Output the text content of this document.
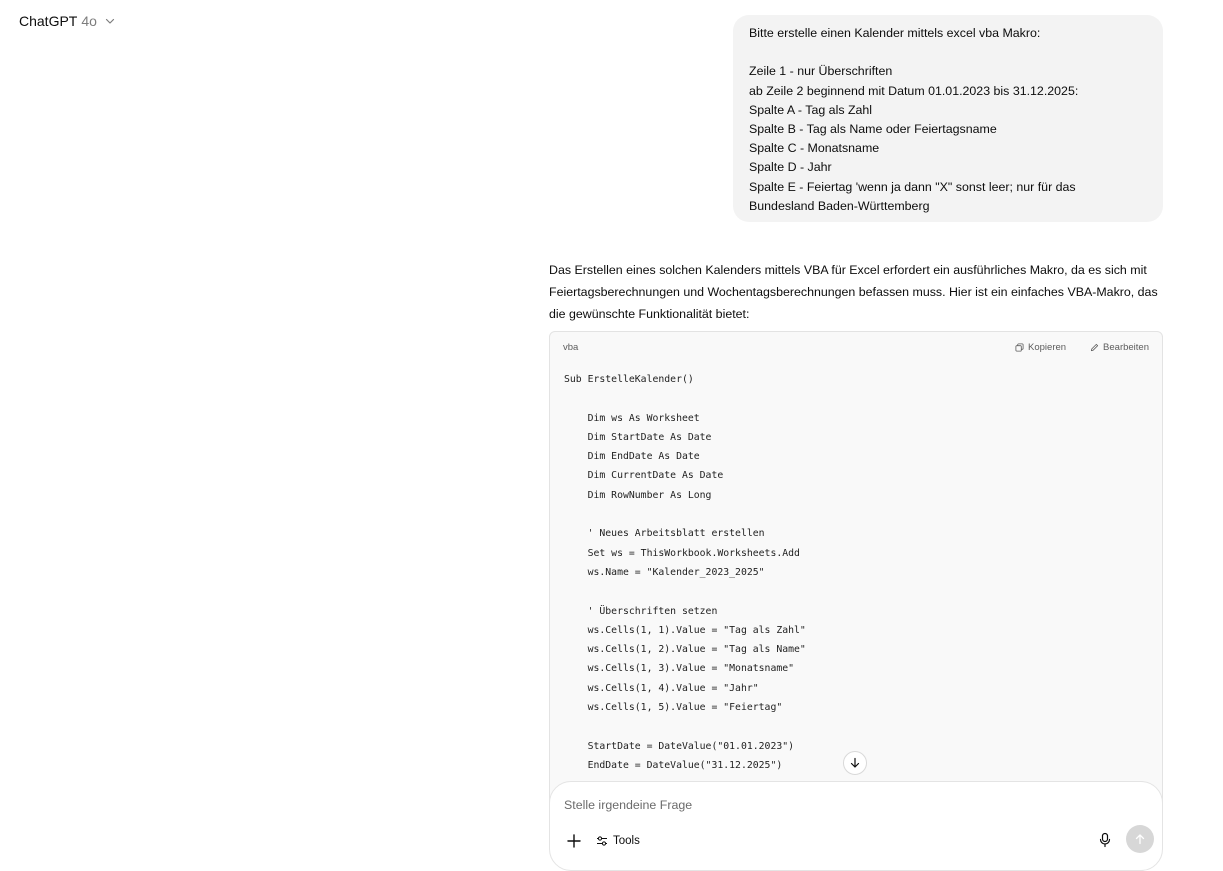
ChatGPT 4o
Bitte erstelle einen Kalender mittels excel vba Makro:
Zeile 1 - nur Überschriften
ab Zeile 2 beginnend mit Datum 01.01.2023 bis 31.12.2025:
Spalte A - Tag als Zahl
Spalte B - Tag als Name oder Feiertagsname
Spalte C - Monatsname
Spalte D - Jahr
Spalte E - Feiertag 'wenn ja dann "X" sonst leer; nur für das
Bundesland Baden-Württemberg
Das Erstellen eines solchen Kalenders mittels VBA für Excel erfordert ein ausführliches Makro, da es sich mit Feiertagsberechnungen und Wochentagsberechnungen befassen muss. Hier ist ein einfaches VBA-Makro, das die gewünschte Funktionalität bietet:
vba	Kopieren	Bearbeiten
Sub ErstelleKalender()
Dim ws As Worksheet
Dim StartDate As Date
Dim EndDate As Date
Dim CurrentDate As Date
Dim RowNumber As Long
' Neues Arbeitsblatt erstellen
Set ws = ThisWorkbook.Worksheets.Add
ws.Name = "Kalender_2023_2025"
' Überschriften setzen
ws.Cells(1, 1).Value = "Tag als Zahl"
ws.Cells(1, 2).Value = "Tag als Name"
ws.Cells(1, 3).Value = "Monatsname"
ws.Cells(1, 4).Value = "Jahr"
ws.Cells(1, 5).Value = "Feiertag"
StartDate = DateValue("01.01.2023")
EndDate = DateValue("31.12.2025")
Stelle irgendeine Frage
Tools
